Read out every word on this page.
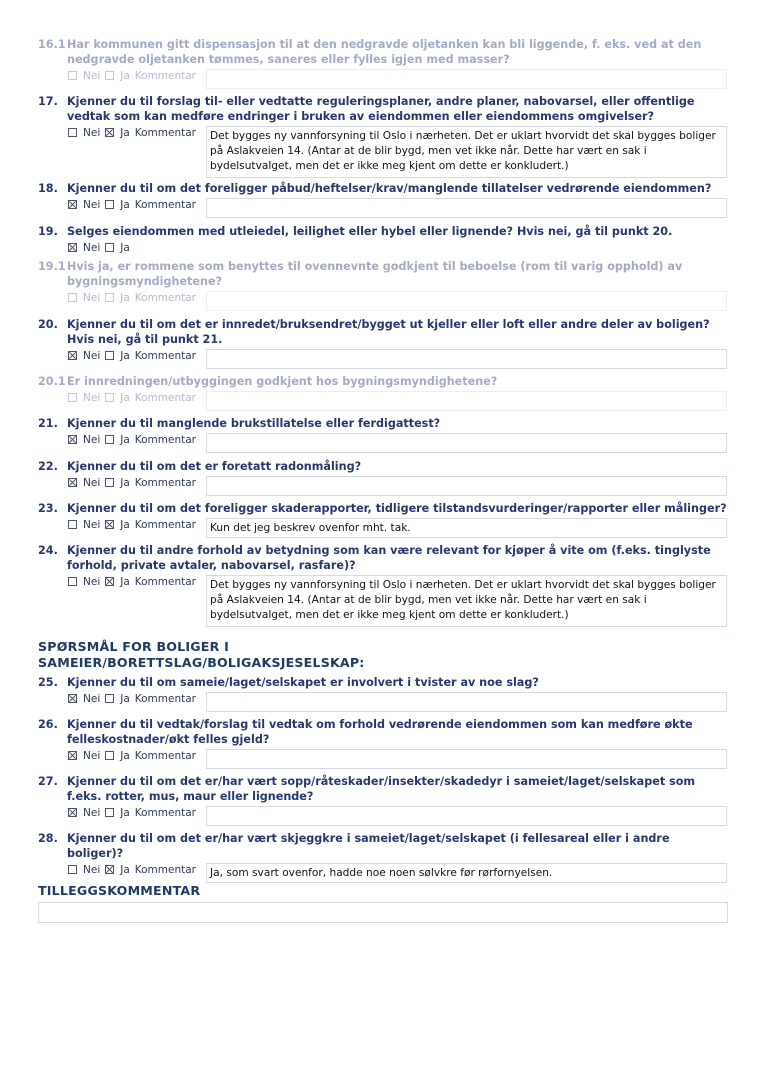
SPØRSMÅL FOR BOLIGER I SAMEIER/BORETTSLAG/BOLIGAKSJESELSKAP:
TILLEGGSKOMMENTAR
16.1 Har kommunen gitt dispensasjon til at den nedgravde oljetanken kan bli liggende, f. eks. ved at den nedgravde oljetanken tømmes, saneres eller fylles igjen med masser?
Nei Ja Kommentar
17. Kjenner du til forslag til- eller vedtatte reguleringsplaner, andre planer, nabovarsel, eller offentlige vedtak som kan medføre endringer i bruken av eiendommen eller eiendommens omgivelser?
Det bygges ny vannforsyning til Oslo i nærheten. Det er uklart hvorvidt det skal bygges boliger på Aslakveien 14. (Antar at de blir bygd, men vet ikke når. Dette har vært en sak i bydelsutvalget, men det er ikke meg kjent om dette er konkludert.)
Nei Ja Kommentar
18. Kjenner du til om det foreligger påbud/heftelser/krav/manglende tillatelser vedrørende eiendommen?
Nei Ja Kommentar
19. Selges eiendommen med utleiedel, leilighet eller hybel eller lignende? Hvis nei, gå til punkt 20.
Nei Ja
19.1 Hvis ja, er rommene som benyttes til ovennevnte godkjent til beboelse (rom til varig opphold) av bygningsmyndighetene?
Nei Ja Kommentar
20. Kjenner du til om det er innredet/bruksendret/bygget ut kjeller eller loft eller andre deler av boligen? Hvis nei, gå til punkt 21.
Nei Ja Kommentar
20.1 Er innredningen/utbyggingen godkjent hos bygningsmyndighetene?
Nei Ja Kommentar
21. Kjenner du til manglende brukstillatelse eller ferdigattest?
Nei Ja Kommentar
22. Kjenner du til om det er foretatt radonmåling?
Nei Ja Kommentar
23. Kjenner du til om det foreligger skaderapporter, tidligere tilstandsvurderinger/rapporter eller målinger?
Kun det jeg beskrev ovenfor mht. tak.
Nei Ja Kommentar
24. Kjenner du til andre forhold av betydning som kan være relevant for kjøper å vite om (f.eks. tinglyste forhold, private avtaler, nabovarsel, rasfare)?
Det bygges ny vannforsyning til Oslo i nærheten. Det er uklart hvorvidt det skal bygges boliger på Aslakveien 14. (Antar at de blir bygd, men vet ikke når. Dette har vært en sak i bydelsutvalget, men det er ikke meg kjent om dette er konkludert.)
Nei Ja Kommentar
25. Kjenner du til om sameie/laget/selskapet er involvert i tvister av noe slag?
Nei Ja Kommentar
26. Kjenner du til vedtak/forslag til vedtak om forhold vedrørende eiendommen som kan medføre økte felleskostnader/økt felles gjeld?
Nei Ja Kommentar
27. Kjenner du til om det er/har vært sopp/råteskader/insekter/skadedyr i sameiet/laget/selskapet som f.eks. rotter, mus, maur eller lignende?
Nei Ja Kommentar
28. Kjenner du til om det er/har vært skjeggkre i sameiet/laget/selskapet (i fellesareal eller i andre boliger)?
Ja, som svart ovenfor, hadde noe noen sølvkre før rørfornyelsen.
Nei Ja Kommentar
